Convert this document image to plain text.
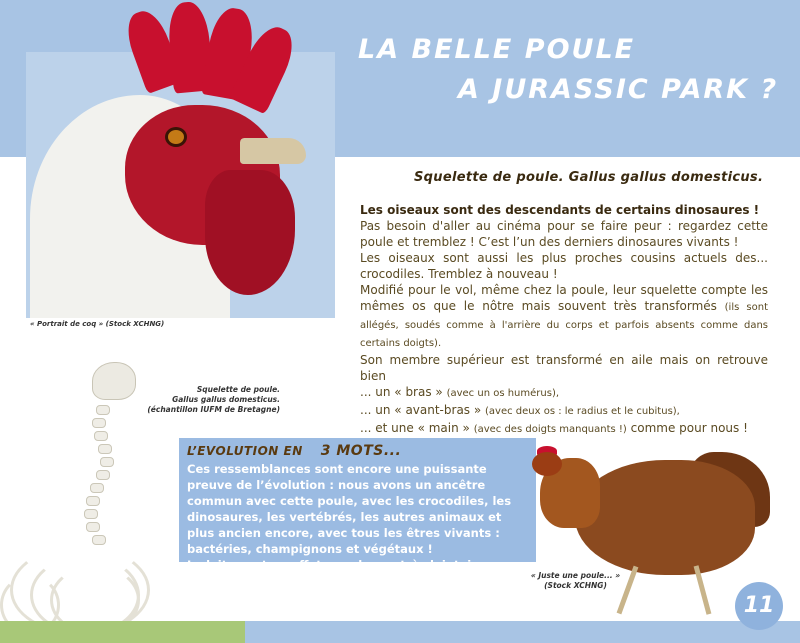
« Portrait de coq » (Stock XCHNG)
LA BELLE POULE
A JURASSIC PARK ?
Squelette de poule. Gallus gallus domesticus.
Les oiseaux sont des descendants de certains dinosaures !

Pas besoin d'aller au cinéma pour se faire peur : regardez cette poule et tremblez ! C’est l’un des derniers dinosaures vivants !

Les oiseaux sont aussi les plus proches cousins actuels des... crocodiles. Tremblez à nouveau !

Modifié pour le vol, même chez la poule, leur squelette compte les mêmes os que le nôtre mais souvent très transformés (ils sont allégés, soudés comme à l'arrière du corps et parfois absents comme dans certains doigts).

Son membre supérieur est transformé en aile mais on retrouve bien

... un « bras » (avec un os humérus),

... un « avant-bras » (avec deux os : le radius et le cubitus),

... et une « main » (avec des doigts manquants !) comme pour nous !

Squelette de poule.
Gallus gallus domesticus.
(échantillon IUFM de Bretagne)
L’EVOLUTION EN 3 MOTS...
Ces ressemblances sont encore une puissante preuve de l’évolution : nous avons un ancêtre commun avec cette poule, avec les crocodiles, les dinosaures, les vertébrés, les autres animaux et plus ancien encore, avec tous les êtres vivants : bactéries, champignons et végétaux !
La laitue est en effet une de vos très lointaines cousines...	« Juste une poule... »
(Stock XCHNG)
11
